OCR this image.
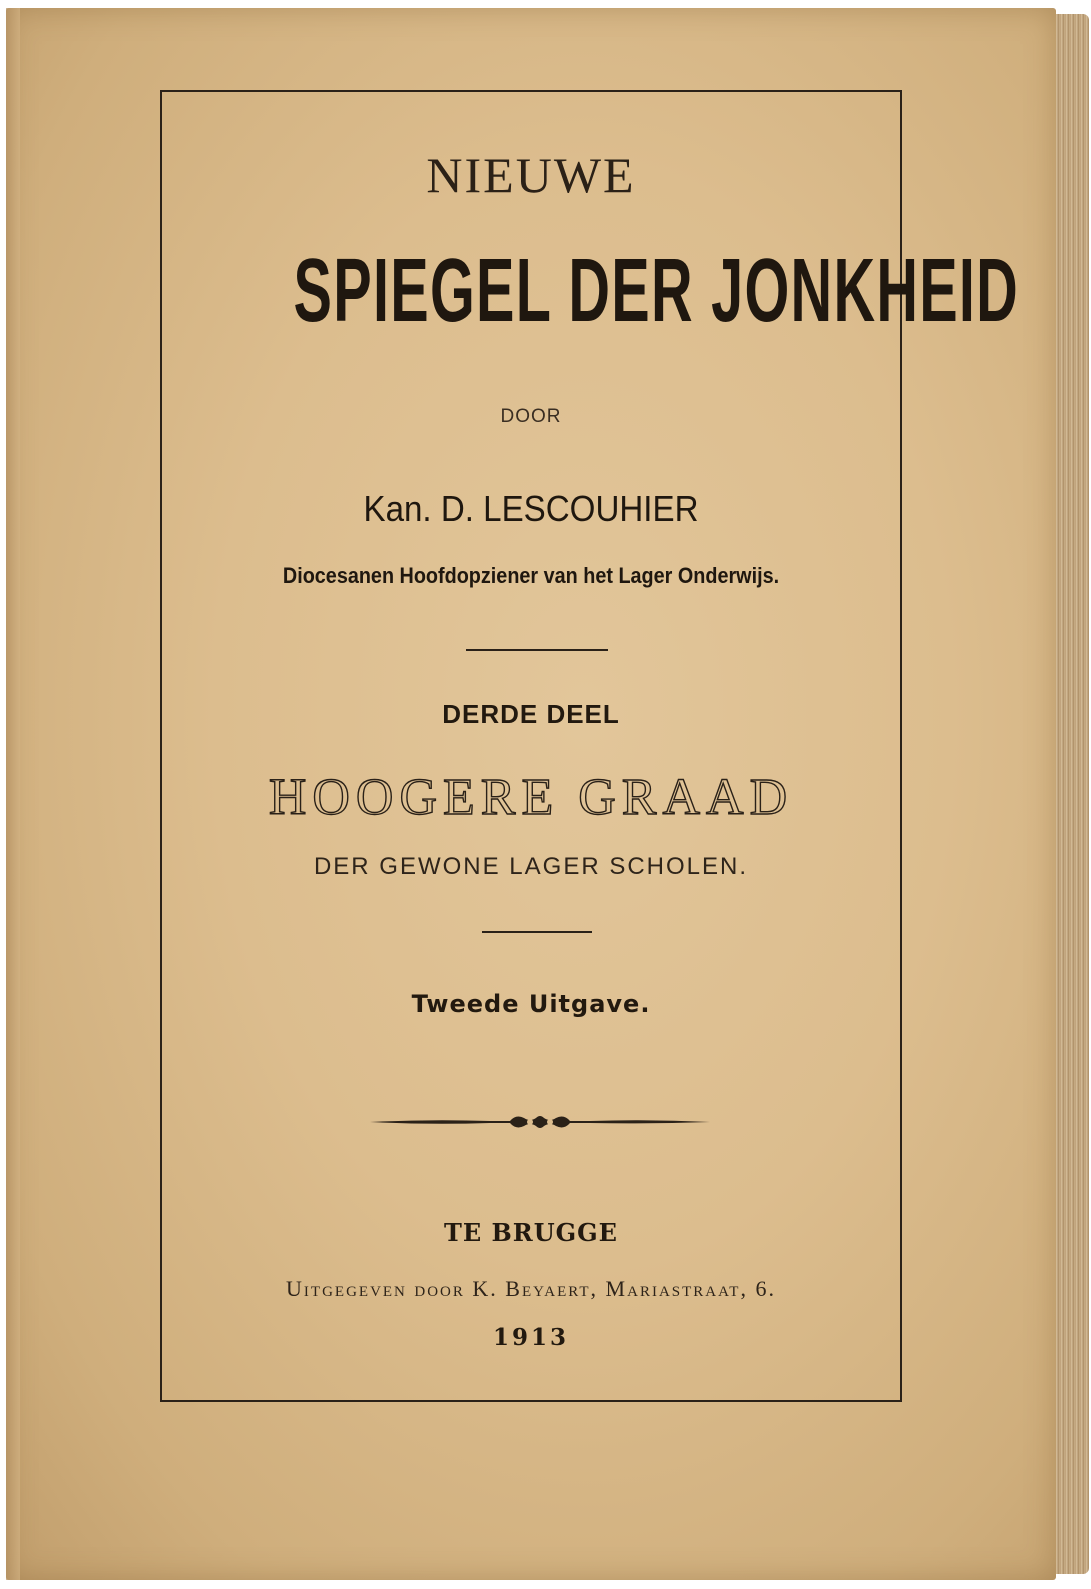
NIEUWE

SPIEGEL DER JONKHEID

DOOR

Kan. D. LESCOUHIER

Diocesanen Hoofdopziener van het Lager Onderwijs.

DERDE DEEL

HOOGERE GRAAD

DER GEWONE LAGER SCHOLEN.

Tweede Uitgave.

TE BRUGGE

Uitgegeven door K. Beyaert, Mariastraat, 6.

1913
